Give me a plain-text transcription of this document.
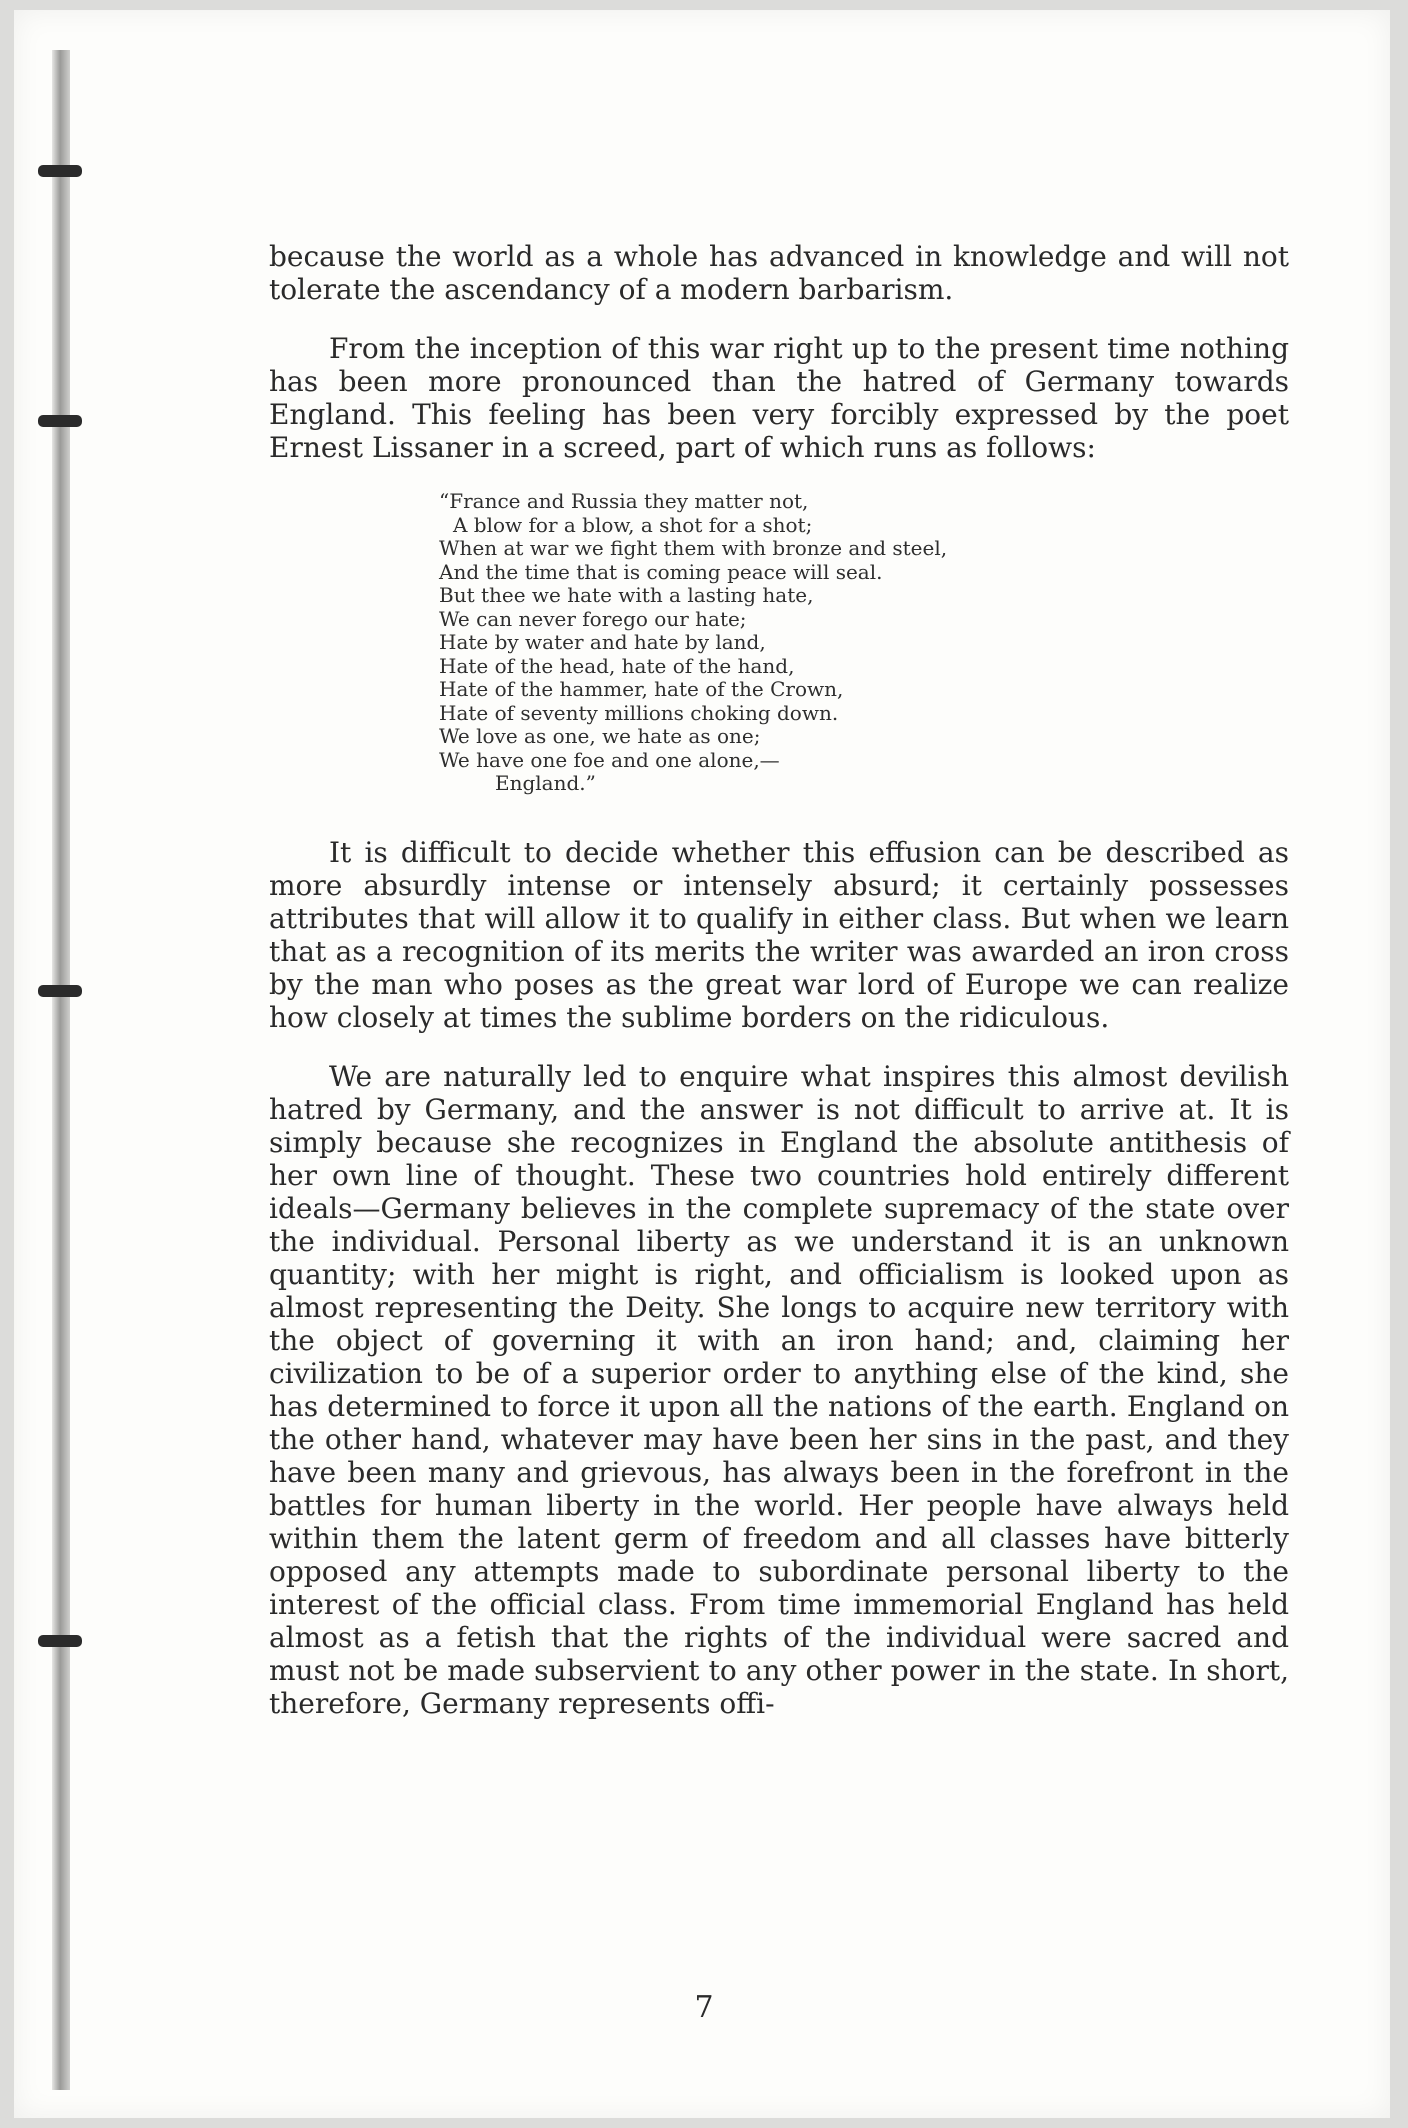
because the world as a whole has advanced in knowledge and will not tolerate the ascendancy of a modern barbarism.

From the inception of this war right up to the present time nothing has been more pronounced than the hatred of Germany towards England. This feeling has been very forcibly expressed by the poet Ernest Lissaner in a screed, part of which runs as follows:

“France and Russia they matter not,
A blow for a blow, a shot for a shot;
When at war we fight them with bronze and steel,
And the time that is coming peace will seal.
But thee we hate with a lasting hate,
We can never forego our hate;
Hate by water and hate by land,
Hate of the head, hate of the hand,
Hate of the hammer, hate of the Crown,
Hate of seventy millions choking down.
We love as one, we hate as one;
We have one foe and one alone,—
England.”

It is difficult to decide whether this effusion can be described as more absurdly intense or intensely absurd; it certainly possesses attributes that will allow it to qualify in either class. But when we learn that as a recognition of its merits the writer was awarded an iron cross by the man who poses as the great war lord of Europe we can realize how closely at times the sublime borders on the ridiculous.

We are naturally led to enquire what inspires this almost devilish hatred by Germany, and the answer is not difficult to arrive at. It is simply because she recognizes in England the absolute antithesis of her own line of thought. These two countries hold entirely different ideals—Germany believes in the complete supremacy of the state over the individual. Personal liberty as we understand it is an unknown quantity; with her might is right, and officialism is looked upon as almost representing the Deity. She longs to acquire new territory with the object of governing it with an iron hand; and, claiming her civilization to be of a superior order to anything else of the kind, she has determined to force it upon all the nations of the earth. England on the other hand, whatever may have been her sins in the past, and they have been many and grievous, has always been in the forefront in the battles for human liberty in the world. Her people have always held within them the latent germ of freedom and all classes have bitterly opposed any attempts made to subordinate personal liberty to the interest of the official class. From time immemorial England has held almost as a fetish that the rights of the individual were sacred and must not be made subservient to any other power in the state. In short, therefore, Germany represents offi-

7
